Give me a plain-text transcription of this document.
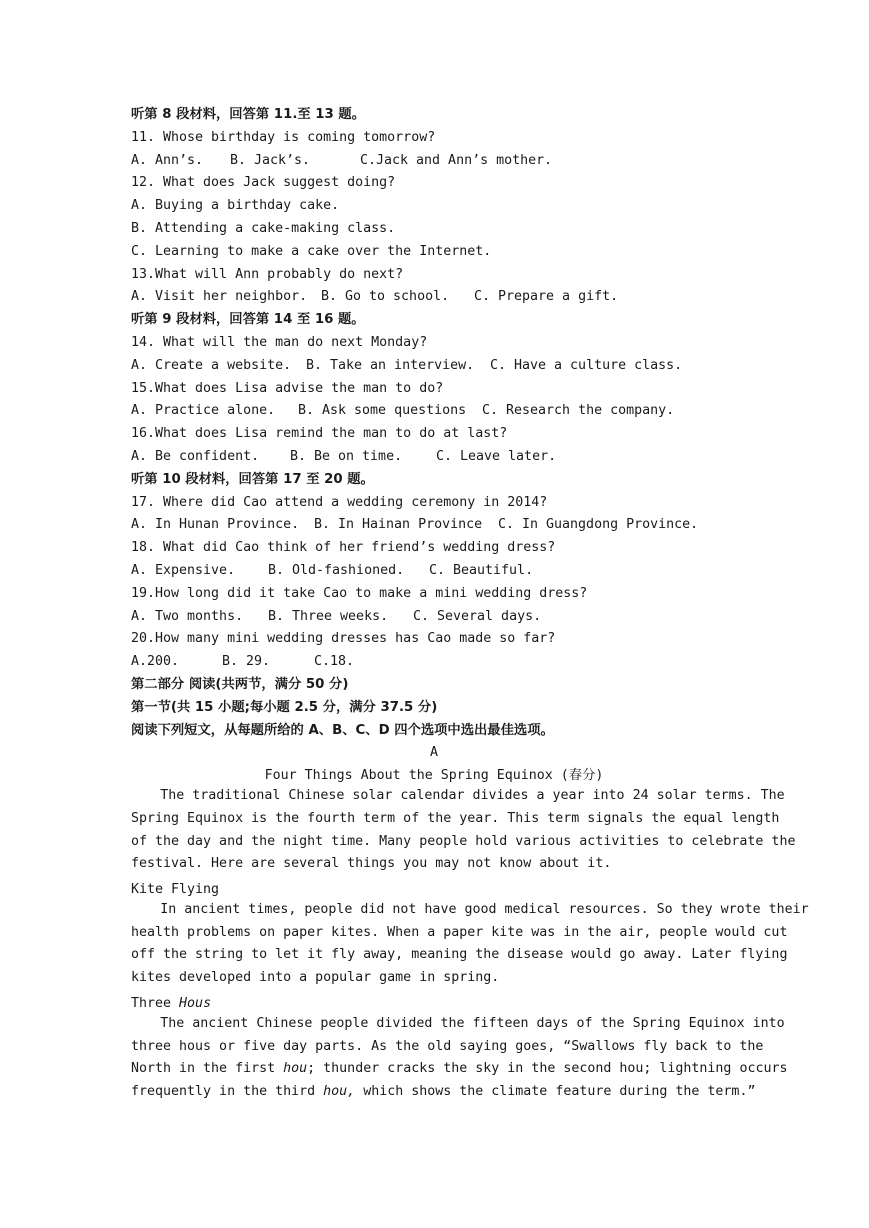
听第 8 段材料，回答第 11.至 13 题。
11. Whose birthday is coming tomorrow?
A. Ann’s. B. Jack’s.	C.Jack and Ann’s mother.
12. What does Jack suggest doing?
A. Buying a birthday cake.
B. Attending a cake-making class.
C. Learning to make a cake over the Internet.
13.What will Ann probably do next?
A. Visit her neighbor. B. Go to school. C. Prepare a gift.
听第 9 段材料，回答第 14 至 16 题。
14. What will the man do next Monday?
A. Create a website. B. Take an interview. C. Have a culture class.
15.What does Lisa advise the man to do?
A. Practice alone. B. Ask some questions C. Research the company.
16.What does Lisa remind the man to do at last?
A. Be confident. B. Be on time.	C. Leave later.
听第 10 段材料，回答第 17 至 20 题。
17. Where did Cao attend a wedding ceremony in 2014?
A. In Hunan Province. B. In Hainan Province C. In Guangdong Province.
18. What did Cao think of her friend’s wedding dress?
A. Expensive. B. Old-fashioned. C. Beautiful.
19.How long did it take Cao to make a mini wedding dress?
A. Two months. B. Three weeks. C. Several days.
20.How many mini wedding dresses has Cao made so far?
A.200.	B. 29.	C.18.
第二部分 阅读(共两节，满分 50 分)
第一节(共 15 小题;每小题 2.5 分，满分 37.5 分)
阅读下列短文，从每题所给的 A、B、C、D 四个选项中选出最佳选项。
A
Four Things About the Spring Equinox (春分)
The traditional Chinese solar calendar divides a year into 24 solar terms. The
Spring Equinox is the fourth term of the year. This term signals the equal length
of the day and the night time. Many people hold various activities to celebrate the
festival. Here are several things you may not know about it.
Kite Flying
In ancient times, people did not have good medical resources. So they wrote their
health problems on paper kites. When a paper kite was in the air, people would cut
off the string to let it fly away, meaning the disease would go away. Later flying
kites developed into a popular game in spring.
Three Hous
The ancient Chinese people divided the fifteen days of the Spring Equinox into
three hous or five day parts. As the old saying goes, “Swallows fly back to the
North in the first hou; thunder cracks the sky in the second hou; lightning occurs
frequently in the third hou, which shows the climate feature during the term.”
